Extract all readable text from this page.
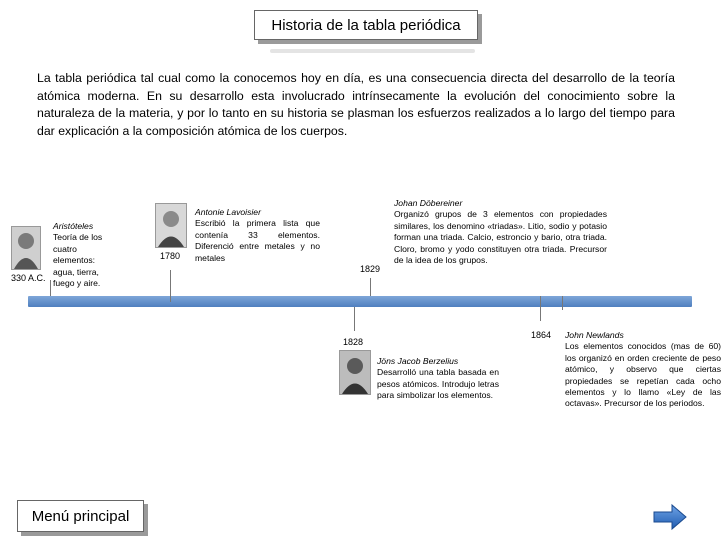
Historia de la tabla periódica
La tabla periódica tal cual como la conocemos hoy en día, es una consecuencia directa del desarrollo de la teoría atómica moderna. En su desarrollo esta involucrado intrínsecamente la evolución del conocimiento sobre la naturaleza de la materia, y por lo tanto en su historia se plasman los esfuerzos realizados a lo largo del tiempo para dar explicación a la composición atómica de los cuerpos.
330 A.C.
Aristóteles
Teoría de los cuatro elementos: agua, tierra, fuego y aire.
1780
Antonie Lavoisier
Escribió la primera lista que contenía 33 elementos. Diferenció entre metales y no metales
1829
Johan Döbereiner
Organizó grupos de 3 elementos con propiedades similares, los denomino «triadas». Litio, sodio y potasio forman una triada. Calcio, estroncio y bario, otra triada. Cloro, bromo y yodo constituyen otra triada. Precursor de la idea de los grupos.
1828
Jöns Jacob Berzelius
Desarrolló una tabla basada en pesos atómicos. Introdujo letras para simbolizar los elementos.
1864 John Newlands
Los elementos conocidos (mas de 60) los organizó en orden creciente de peso atómico, y observo que ciertas propiedades se repetían cada ocho elementos y lo llamo «Ley de las octavas». Precursor de los periodos.
Menú principal
